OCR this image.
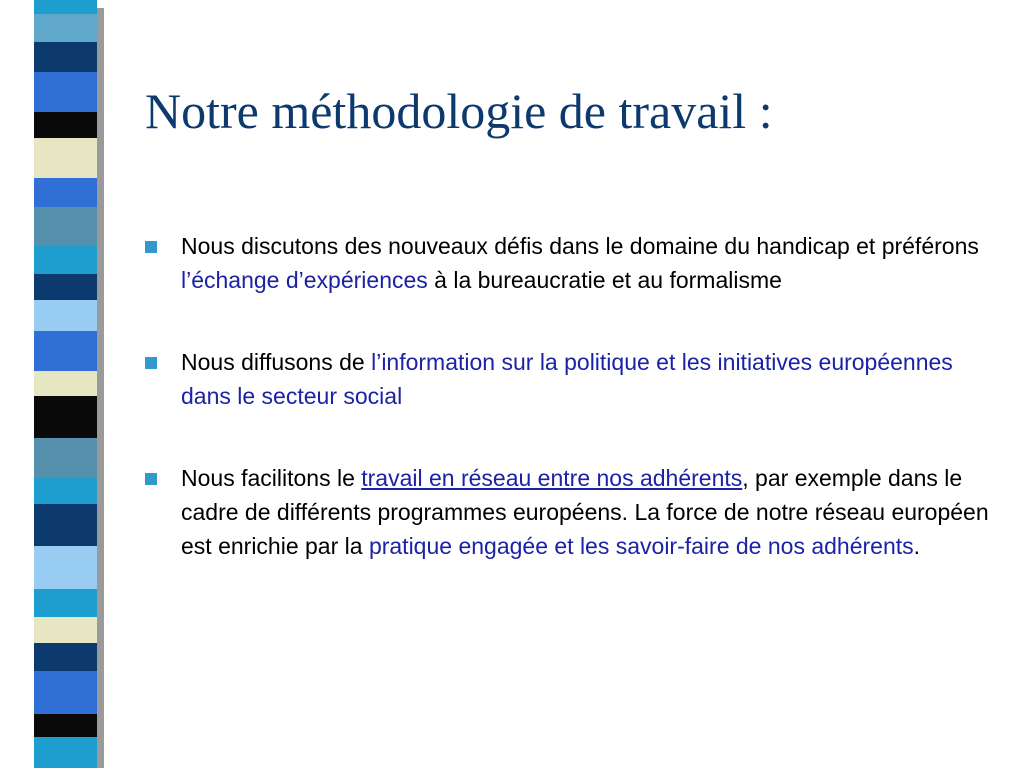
Notre méthodologie de travail :
Nous discutons des nouveaux défis dans le domaine du handicap et préférons l’échange d’expériences à la bureaucratie et au formalisme
Nous diffusons de l’information sur la politique et les initiatives européennes dans le secteur social
Nous facilitons le travail en réseau entre nos adhérents, par exemple dans le cadre de différents programmes européens. La force de notre réseau européen est enrichie par la pratique engagée et les savoir-faire de nos adhérents.
